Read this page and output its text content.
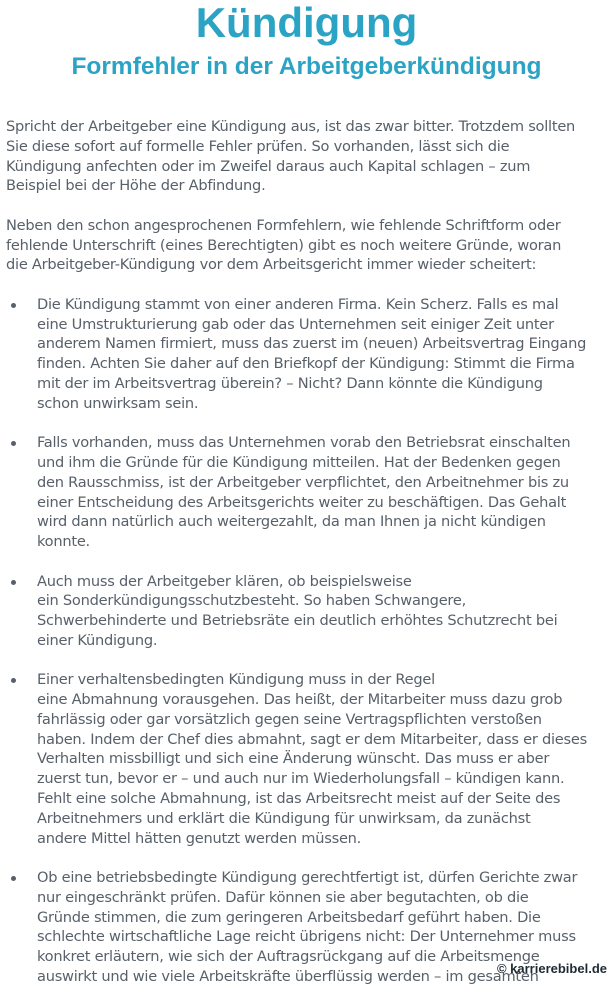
Kündigung
Formfehler in der Arbeitgeberkündigung

Spricht der Arbeitgeber eine Kündigung aus, ist das zwar bitter. Trotzdem sollten
Sie diese sofort auf formelle Fehler prüfen. So vorhanden, lässt sich die
Kündigung anfechten oder im Zweifel daraus auch Kapital schlagen – zum
Beispiel bei der Höhe der Abfindung.

Neben den schon angesprochenen Formfehlern, wie fehlende Schriftform oder
fehlende Unterschrift (eines Berechtigten) gibt es noch weitere Gründe, woran
die Arbeitgeber-Kündigung vor dem Arbeitsgericht immer wieder scheitert:

Die Kündigung stammt von einer anderen Firma. Kein Scherz. Falls es mal
eine Umstrukturierung gab oder das Unternehmen seit einiger Zeit unter
anderem Namen firmiert, muss das zuerst im (neuen) Arbeitsvertrag Eingang
finden. Achten Sie daher auf den Briefkopf der Kündigung: Stimmt die Firma
mit der im Arbeitsvertrag überein? – Nicht? Dann könnte die Kündigung
schon unwirksam sein.
Falls vorhanden, muss das Unternehmen vorab den Betriebsrat einschalten
und ihm die Gründe für die Kündigung mitteilen. Hat der Bedenken gegen
den Rausschmiss, ist der Arbeitgeber verpflichtet, den Arbeitnehmer bis zu
einer Entscheidung des Arbeitsgerichts weiter zu beschäftigen. Das Gehalt
wird dann natürlich auch weitergezahlt, da man Ihnen ja nicht kündigen
konnte.
Auch muss der Arbeitgeber klären, ob beispielsweise
ein Sonderkündigungsschutzbesteht. So haben Schwangere,
Schwerbehinderte und Betriebsräte ein deutlich erhöhtes Schutzrecht bei
einer Kündigung.
Einer verhaltensbedingten Kündigung muss in der Regel
eine Abmahnung vorausgehen. Das heißt, der Mitarbeiter muss dazu grob
fahrlässig oder gar vorsätzlich gegen seine Vertragspflichten verstoßen
haben. Indem der Chef dies abmahnt, sagt er dem Mitarbeiter, dass er dieses
Verhalten missbilligt und sich eine Änderung wünscht. Das muss er aber
zuerst tun, bevor er – und auch nur im Wiederholungsfall – kündigen kann.
Fehlt eine solche Abmahnung, ist das Arbeitsrecht meist auf der Seite des
Arbeitnehmers und erklärt die Kündigung für unwirksam, da zunächst
andere Mittel hätten genutzt werden müssen.
Ob eine betriebsbedingte Kündigung gerechtfertigt ist, dürfen Gerichte zwar
nur eingeschränkt prüfen. Dafür können sie aber begutachten, ob die
Gründe stimmen, die zum geringeren Arbeitsbedarf geführt haben. Die
schlechte wirtschaftliche Lage reicht übrigens nicht: Der Unternehmer muss
konkret erläutern, wie sich der Auftragsrückgang auf die Arbeitsmenge
auswirkt und wie viele Arbeitskräfte überflüssig werden – im gesamten
© karrierebibel.de
